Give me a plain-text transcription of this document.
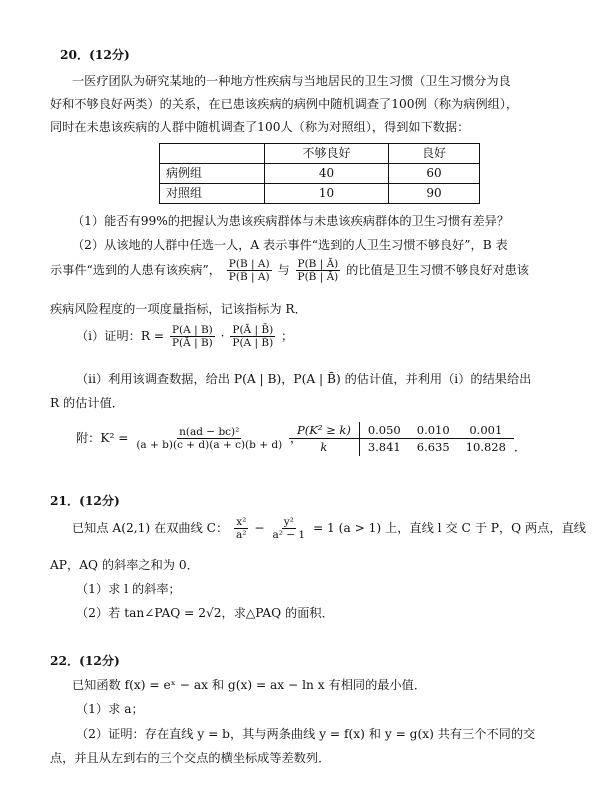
20．(12分)
一医疗团队为研究某地的一种地方性疾病与当地居民的卫生习惯（卫生习惯分为良
好和不够良好两类）的关系，在已患该疾病的病例中随机调查了100例（称为病例组），
同时在未患该疾病的人群中随机调查了100人（称为对照组），得到如下数据：
	不够良好	良好
病例组	40	60
对照组	10	90
（1）能否有99%的把握认为患该疾病群体与未患该疾病群体的卫生习惯有差异？
（2）从该地的人群中任选一人，A 表示事件“选到的人卫生习惯不够良好”，B 表
示事件“选到的人患有该疾病”， $\frac{P(B | A)}{P(B̄ | A)}$ 与 $\frac{P(B | Ā)}{P(B̄ | Ā)}$ 的比值是卫生习惯不够良好对患该
疾病风险程度的一项度量指标，记该指标为 R．
（i）证明：$R = \frac{P(A | B)}{P(Ā | B)} \cdot \frac{P(Ā | B̄)}{P(A | B̄)}$ ；
（ii）利用该调查数据，给出 P(A | B)，P(A | B̄) 的估计值，并利用（i）的结果给出
R 的估计值．
附：$K^2 = \frac{\text{n(ad − bc)²}}{(a + b)(c + d)(a + c)(b + d)}$ ，
P(K² ≥ k)	0.050	0.010	0.001
k	3.841	6.635	10.828 ．
21．(12分)
已知点 A(2,1) 在双曲线 C： $\frac{\text{x²}}{\text{a²}} - \frac{\text{y²}}{\text{a² − 1}} = 1$ (a > 1) 上，直线 l 交 C 于 P，Q 两点，直线
AP，AQ 的斜率之和为 0．
（1）求 l 的斜率；
（2）若 tan∠PAQ = 2√2，求△PAQ 的面积．
22．(12分)
已知函数 f(x) = eˣ − ax 和 g(x) = ax − ln x 有相同的最小值．
（1）求 a；
（2）证明：存在直线 y = b，其与两条曲线 y = f(x) 和 y = g(x) 共有三个不同的交
点，并且从左到右的三个交点的横坐标成等差数列．
